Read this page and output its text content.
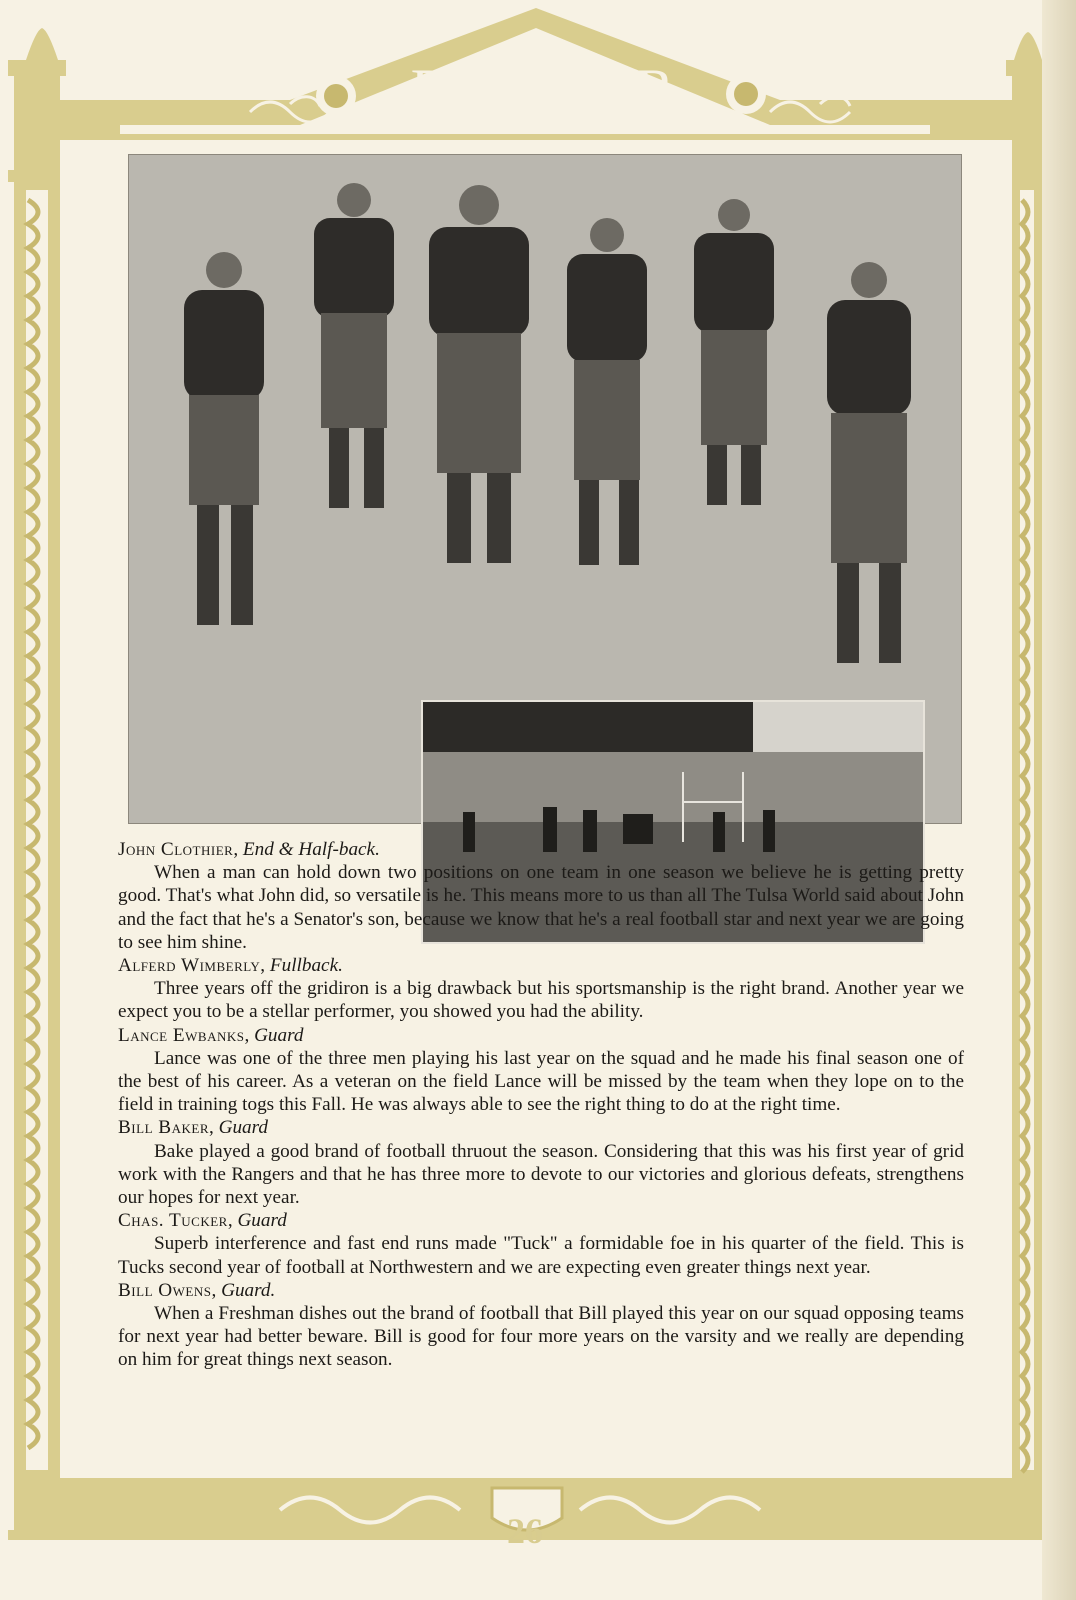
The
RANGER

John Clothier, End & Half-back.

When a man can hold down two positions on one team in one season we believe he is getting pretty good. That's what John did, so versatile is he. This means more to us than all The Tulsa World said about John and the fact that he's a Senator's son, because we know that he's a real football star and next year we are going to see him shine.

Alferd Wimberly, Fullback.

Three years off the gridiron is a big drawback but his sportsmanship is the right brand. Another year we expect you to be a stellar performer, you showed you had the ability.

Lance Ewbanks, Guard

Lance was one of the three men playing his last year on the squad and he made his final season one of the best of his career. As a veteran on the field Lance will be missed by the team when they lope on to the field in training togs this Fall. He was always able to see the right thing to do at the right time.

Bill Baker, Guard

Bake played a good brand of football thruout the season. Considering that this was his first year of grid work with the Rangers and that he has three more to devote to our victories and glorious defeats, strengthens our hopes for next year.

Chas. Tucker, Guard

Superb interference and fast end runs made "Tuck" a formidable foe in his quarter of the field. This is Tucks second year of football at Northwestern and we are expecting even greater things next year.

Bill Owens, Guard.

When a Freshman dishes out the brand of football that Bill played this year on our squad opposing teams for next year had better beware. Bill is good for four more years on the varsity and we really are depending on him for great things next season.

26
